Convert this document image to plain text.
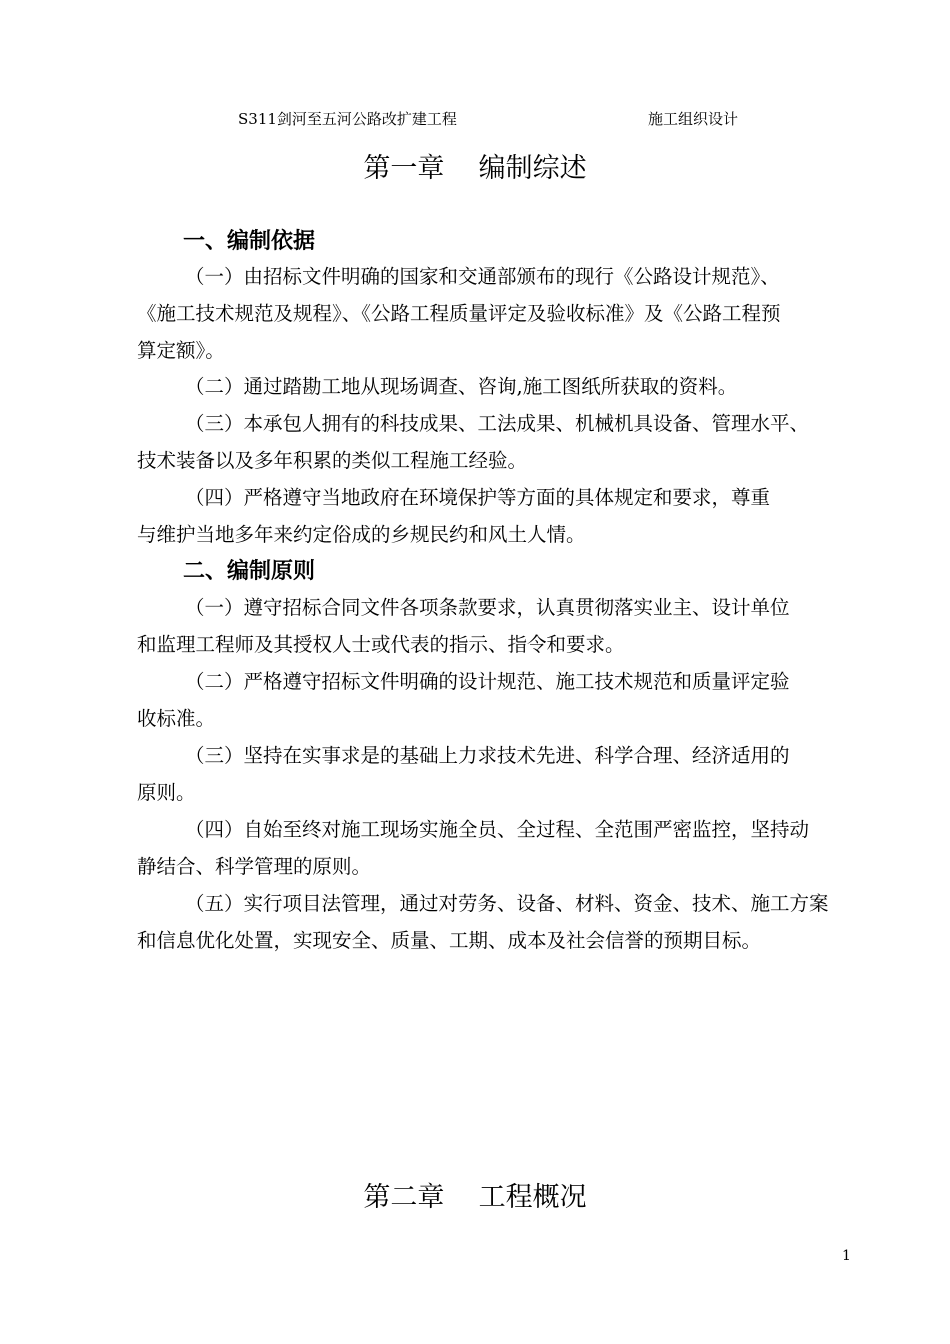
S311剑河至五河公路改扩建工程	施工组织设计
第一章    编制综述
一、编制依据
（一）由招标文件明确的国家和交通部颁布的现行《公路设计规范》、
《施工技术规范及规程》、《公路工程质量评定及验收标准》及《公路工程预
算定额》。
（二）通过踏勘工地从现场调查、咨询,施工图纸所获取的资料。
（三）本承包人拥有的科技成果、工法成果、机械机具设备、管理水平、
技术装备以及多年积累的类似工程施工经验。
（四）严格遵守当地政府在环境保护等方面的具体规定和要求，尊重
与维护当地多年来约定俗成的乡规民约和风土人情。
二、编制原则
（一）遵守招标合同文件各项条款要求，认真贯彻落实业主、设计单位
和监理工程师及其授权人士或代表的指示、指令和要求。
（二）严格遵守招标文件明确的设计规范、施工技术规范和质量评定验
收标准。
（三）坚持在实事求是的基础上力求技术先进、科学合理、经济适用的
原则。
（四）自始至终对施工现场实施全员、全过程、全范围严密监控，坚持动
静结合、科学管理的原则。
（五）实行项目法管理，通过对劳务、设备、材料、资金、技术、施工方案
和信息优化处置，实现安全、质量、工期、成本及社会信誉的预期目标。
第二章    工程概况
1
